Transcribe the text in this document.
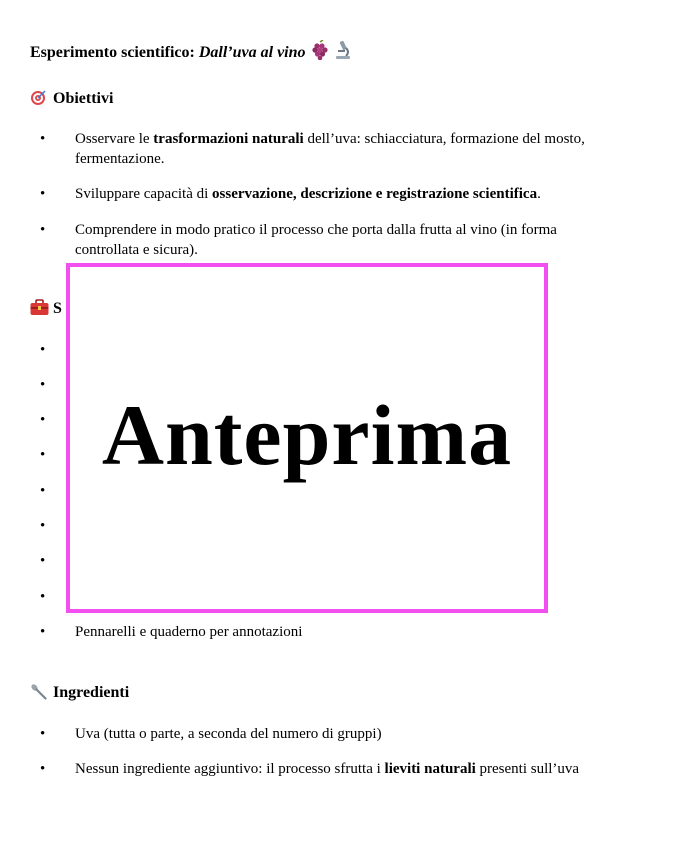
Esperimento scientifico: Dall’uva al vino
Obiettivi
•	Osservare le trasformazioni naturali dell’uva: schiacciatura, formazione del mosto,
fermentazione.
•	Sviluppare capacità di osservazione, descrizione e registrazione scientifica.
•	Comprendere in modo pratico il processo che porta dalla frutta al vino (in forma
controllata e sicura).
S
•
•
•
•
•
•
•
•
•	Pennarelli e quaderno per annotazioni
Ingredienti
•	Uva (tutta o parte, a seconda del numero di gruppi)
•	Nessun ingrediente aggiuntivo: il processo sfrutta i lieviti naturali presenti sull’uva
Anteprima
